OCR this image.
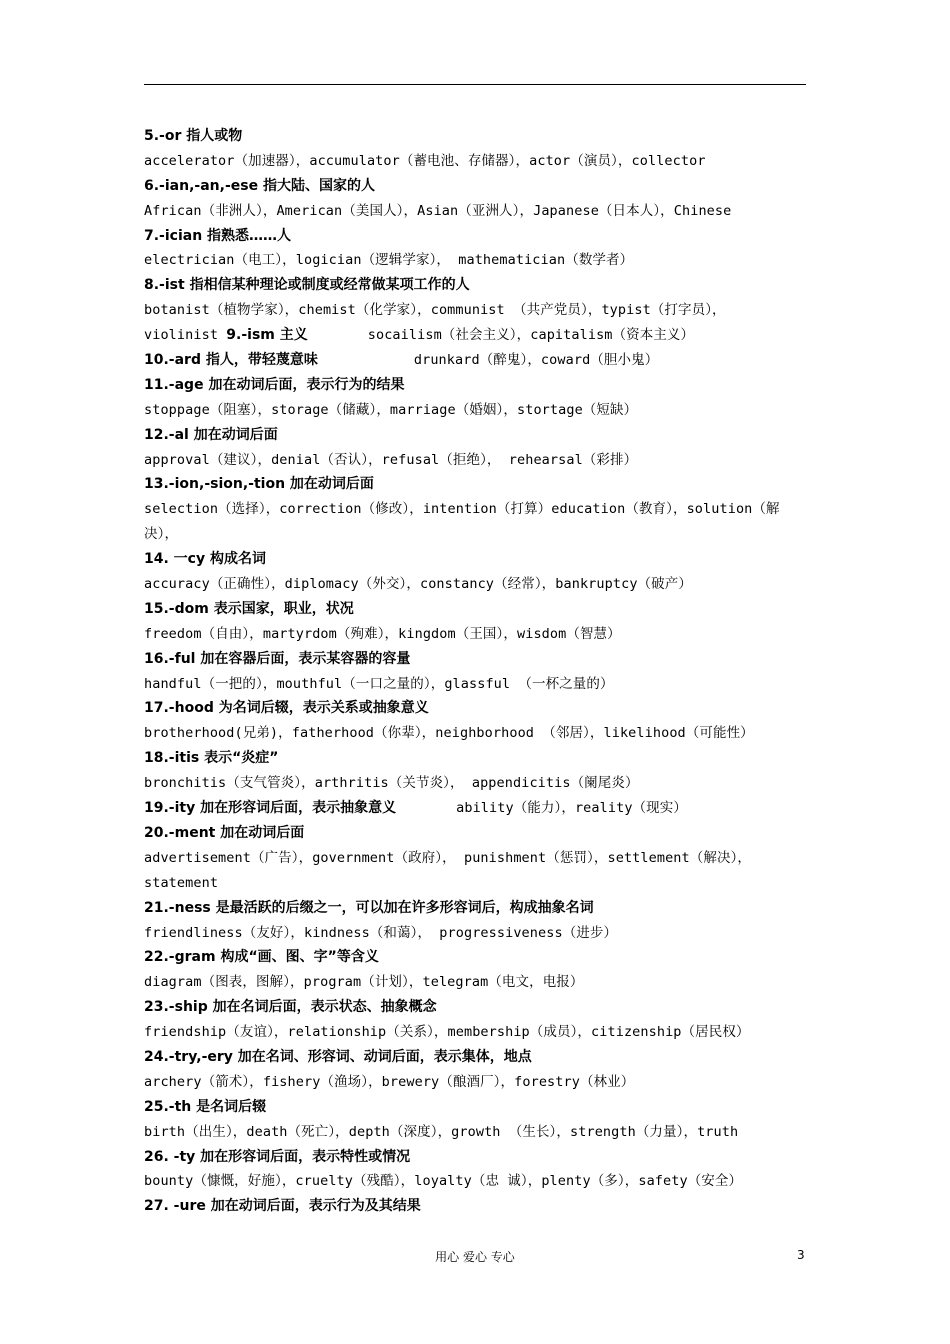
5.-or 指人或物
accelerator（加速器），accumulator（蓄电池、存储器），actor（演员），collector
6.-ian,-an,-ese 指大陆、国家的人
African（非洲人），American（美国人），Asian（亚洲人），Japanese（日本人），Chinese
7.-ician 指熟悉……人
electrician（电工），logician（逻辑学家）， mathematician（数学者）
8.-ist 指相信某种理论或制度或经常做某项工作的人
botanist（植物学家），chemist（化学家），communist （共产党员），typist（打字员），
violinist 9.-ism 主义	socailism（社会主义），capitalism（资本主义）
10.-ard 指人，带轻蔑意味	drunkard（醉鬼），coward（胆小鬼）
11.-age 加在动词后面，表示行为的结果
stoppage（阻塞），storage（储藏），marriage（婚姻），stortage（短缺）
12.-al 加在动词后面
approval（建议），denial（否认），refusal（拒绝）， rehearsal（彩排）
13.-ion,-sion,-tion 加在动词后面
selection（选择），correction（修改），intention（打算）education（教育），solution（解
决），
14. 一cy 构成名词
accuracy（正确性），diplomacy（外交），constancy（经常），bankruptcy（破产）
15.-dom 表示国家，职业，状况
freedom（自由），martyrdom（殉难），kingdom（王国），wisdom（智慧）
16.-ful 加在容器后面，表示某容器的容量
handful（一把的），mouthful（一口之量的），glassful （一杯之量的）
17.-hood 为名词后辍，表示关系或抽象意义
brotherhood(兄弟)，fatherhood（你辈），neighborhood （邻居），likelihood（可能性）
18.-itis 表示“炎症”
bronchitis（支气管炎），arthritis（关节炎）， appendicitis（阑尾炎）
19.-ity 加在形容词后面，表示抽象意义	ability（能力），reality（现实）
20.-ment 加在动词后面
advertisement（广告），government（政府）， punishment（惩罚），settlement（解决），
statement
21.-ness 是最活跃的后缀之一，可以加在许多形容词后，构成抽象名词
friendliness（友好），kindness（和蔼）， progressiveness（进步）
22.-gram 构成“画、图、字”等含义
diagram（图表，图解），program（计划），telegram（电文，电报）
23.-ship 加在名词后面，表示状态、抽象概念
friendship（友谊），relationship（关系），membership（成员），citizenship（居民权）
24.-try,-ery 加在名词、形容词、动词后面，表示集体，地点
archery（箭术），fishery（渔场），brewery（酿酒厂），forestry（林业）
25.-th 是名词后辍
birth（出生），death（死亡），depth（深度），growth （生长），strength（力量），truth
26. -ty 加在形容词后面，表示特性或情况
bounty（慷慨，好施），cruelty（残酷），loyalty（忠 诚），plenty（多），safety（安全）
27. -ure 加在动词后面，表示行为及其结果
用心 爱心 专心	3
